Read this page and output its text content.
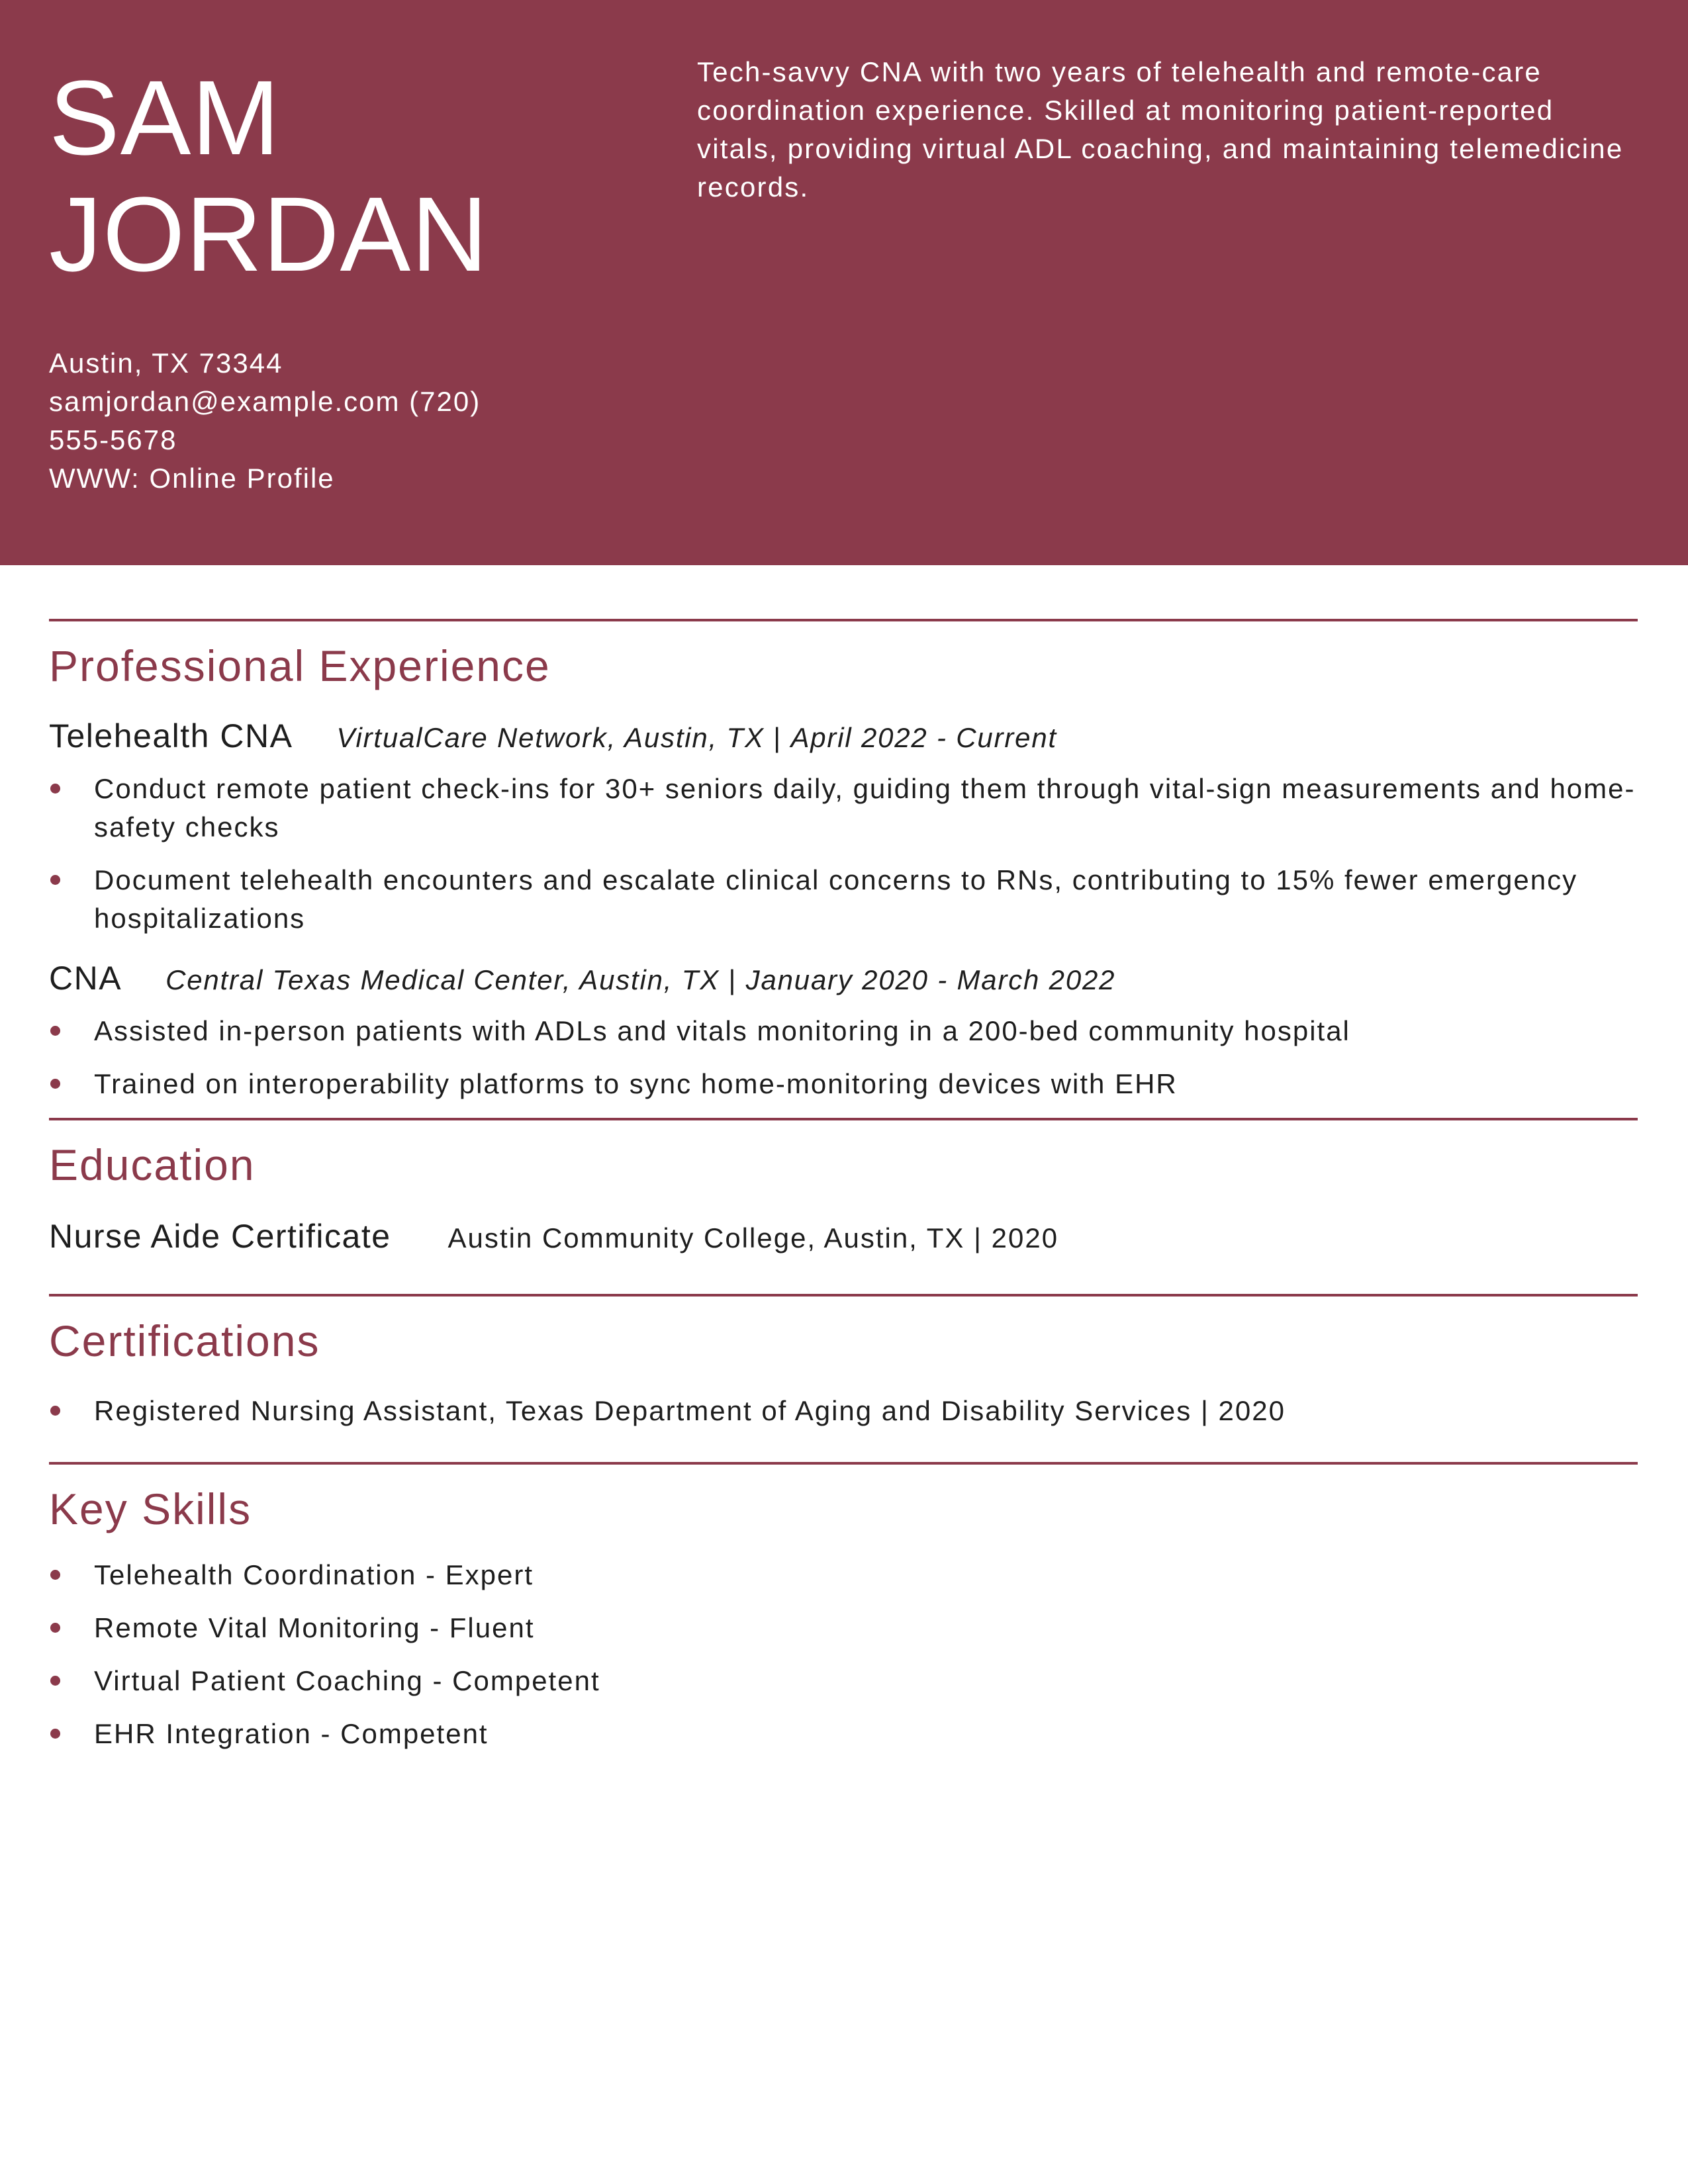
SAM
JORDAN

Tech-savvy CNA with two years of telehealth and remote-care coordination experience. Skilled at monitoring patient-reported vitals, providing virtual ADL coaching, and maintaining telemedicine records.

Austin, TX 73344
samjordan@example.com (720)
555-5678
WWW: Online Profile
Professional Experience
Telehealth CNA VirtualCare Network, Austin, TX | April 2022 - Current
Conduct remote patient check-ins for 30+ seniors daily, guiding them through vital-sign measurements and home-safety checks
Document telehealth encounters and escalate clinical concerns to RNs, contributing to 15% fewer emergency hospitalizations
CNA Central Texas Medical Center, Austin, TX | January 2020 - March 2022
Assisted in-person patients with ADLs and vitals monitoring in a 200-bed community hospital
Trained on interoperability platforms to sync home-monitoring devices with EHR
Education
Nurse Aide Certificate Austin Community College, Austin, TX | 2020
Certifications
Registered Nursing Assistant, Texas Department of Aging and Disability Services | 2020
Key Skills
Telehealth Coordination - Expert
Remote Vital Monitoring - Fluent
Virtual Patient Coaching - Competent
EHR Integration - Competent
